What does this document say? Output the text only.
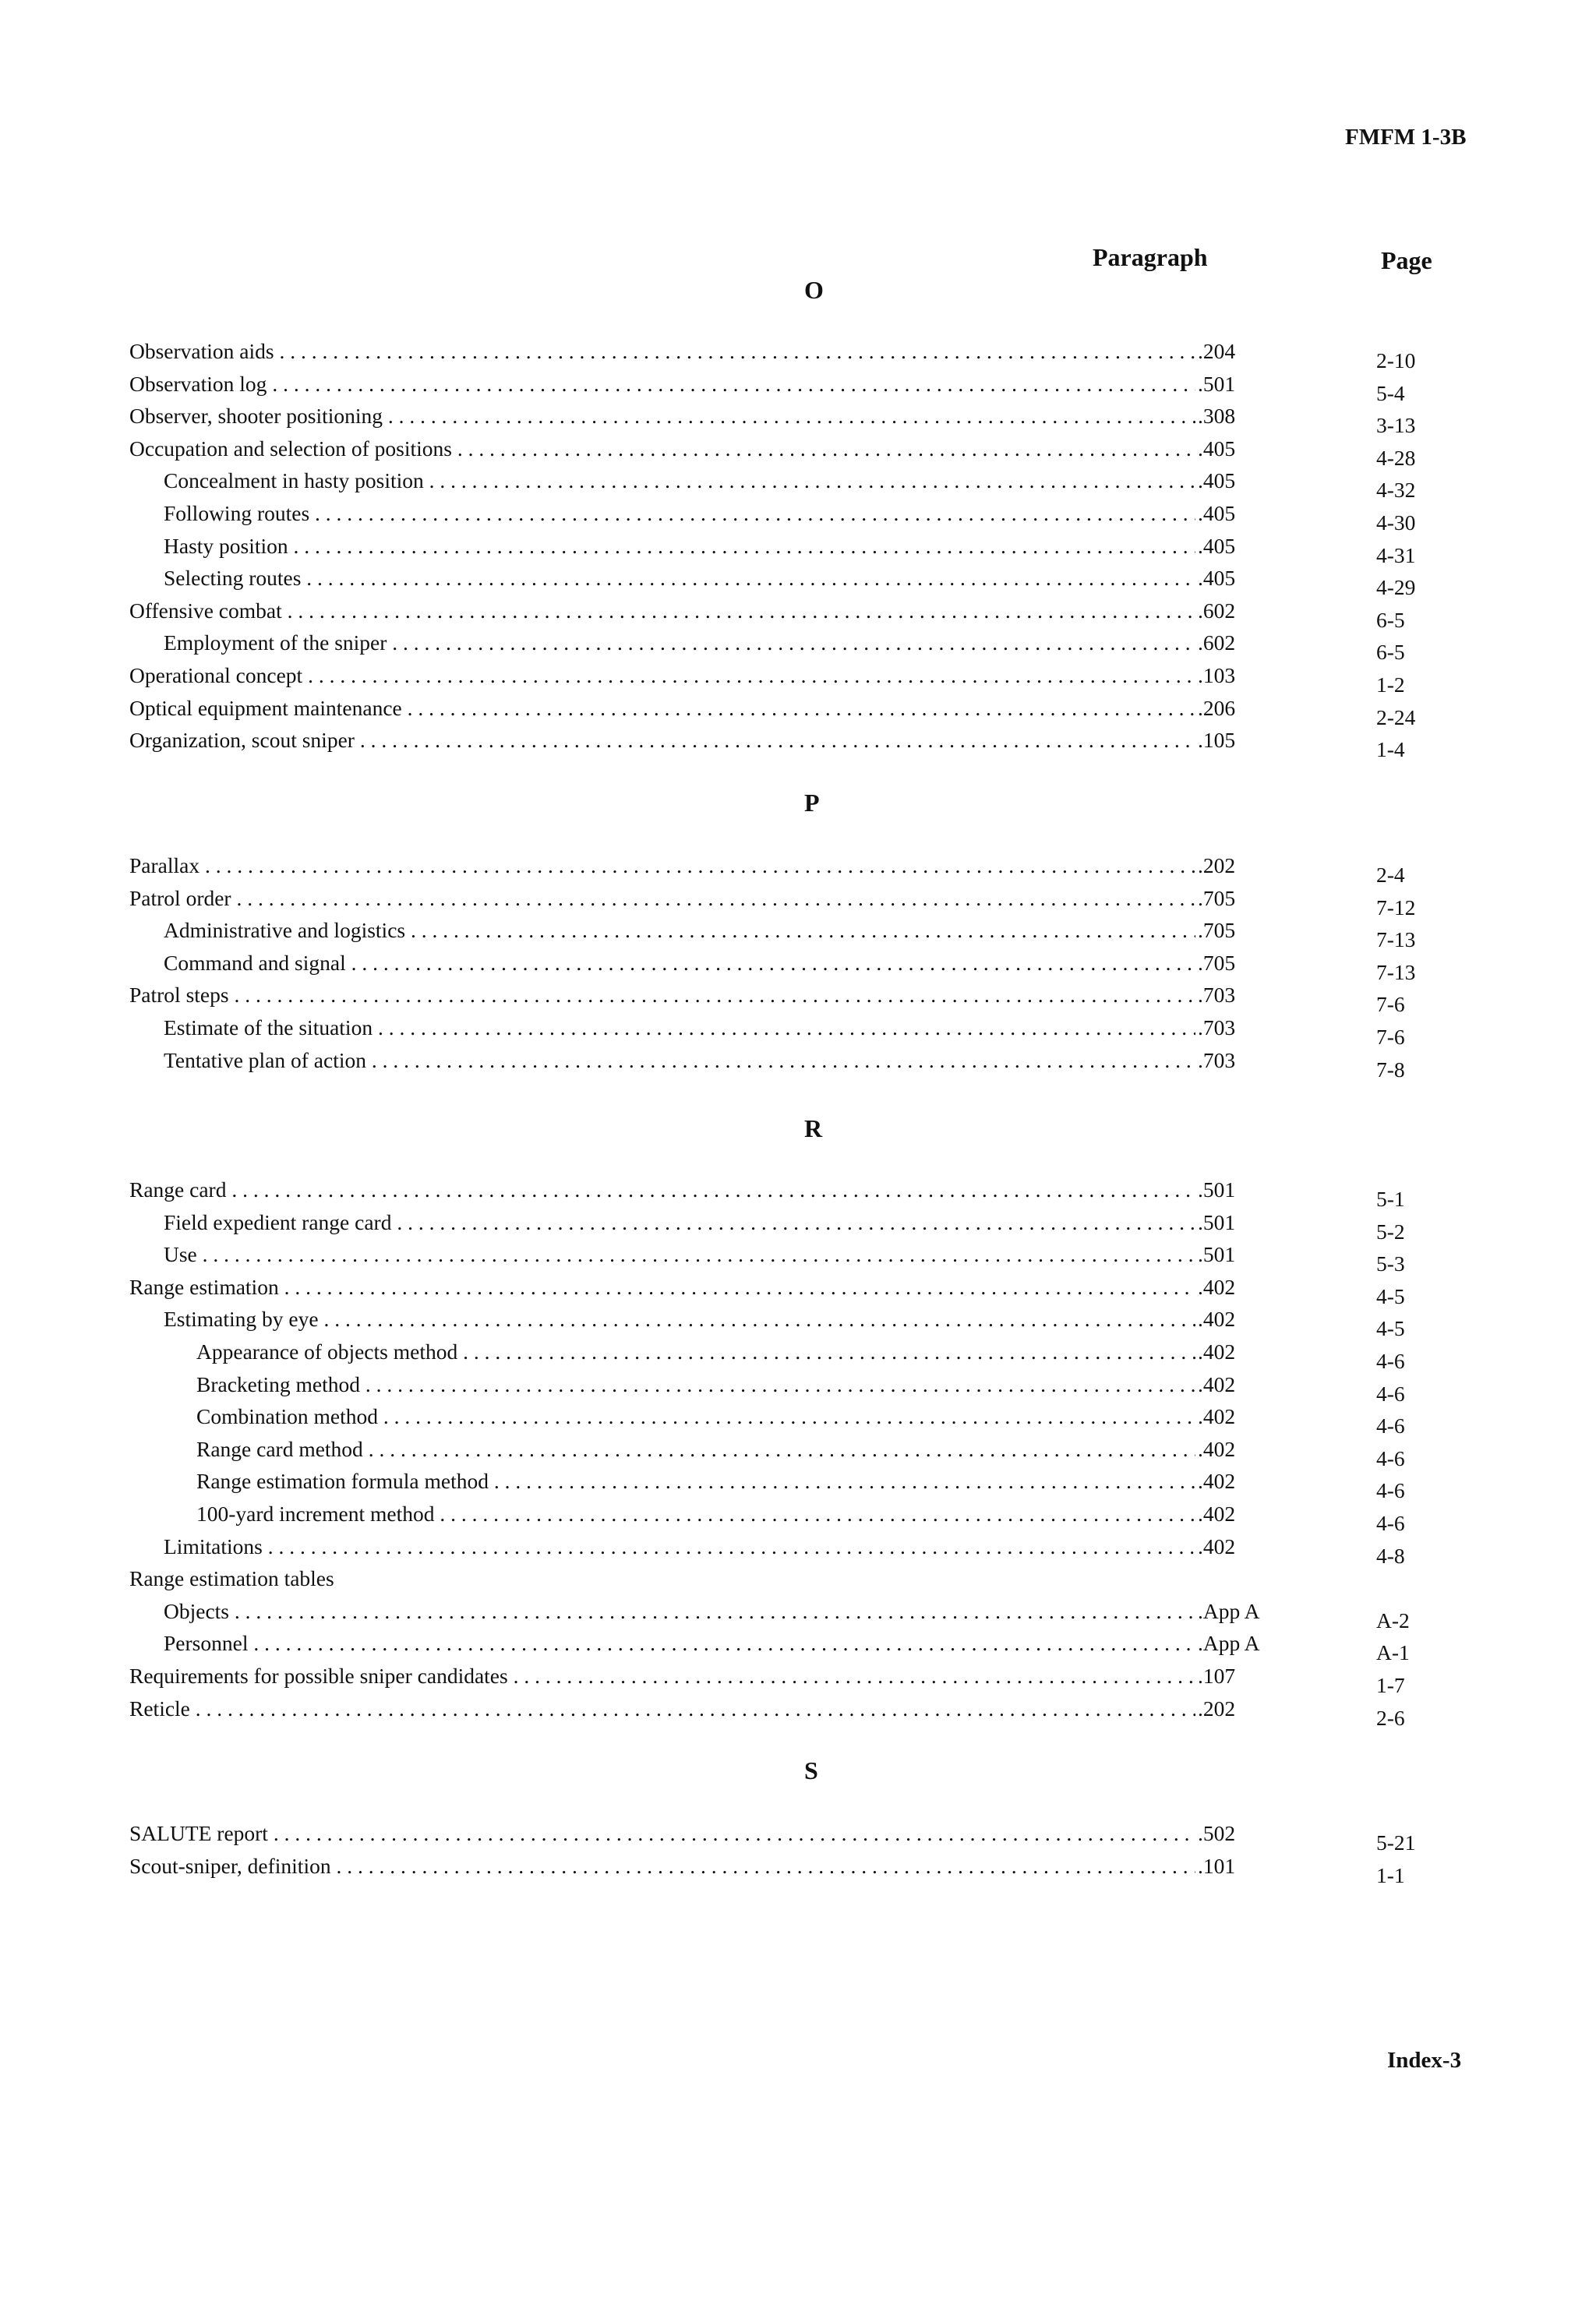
FMFM 1-3B
Paragraph	Page
O
Observation aids . . .	.204	2-10
Observation log . . .	.501	5-4
Observer, shooter positioning . . .	.308	3-13
Occupation and selection of positions . . .	.405	4-28
Concealment in hasty position . . .	.405	4-32
Following routes . . .	.405	4-30
Hasty position . . .	.405	4-31
Selecting routes . . .	.405	4-29
Offensive combat . . .	.602	6-5
Employment of the sniper . . .	.602	6-5
Operational concept . . .	.103	1-2
Optical equipment maintenance . . .	.206	2-24
Organization, scout sniper . . .	.105	1-4
P
Parallax . . .	.202	2-4
Patrol order . . .	.705	7-12
Administrative and logistics . . .	.705	7-13
Command and signal . . .	.705	7-13
Patrol steps . . .	.703	7-6
Estimate of the situation . . .	.703	7-6
Tentative plan of action . . .	.703	7-8
R
Range card . . .	.501	5-1
Field expedient range card . . .	.501	5-2
Use . . .	.501	5-3
Range estimation . . .	.402	4-5
Estimating by eye . . .	.402	4-5
Appearance of objects method . . .	.402	4-6
Bracketing method . . .	.402	4-6
Combination method . . .	.402	4-6
Range card method . . .	.402	4-6
Range estimation formula method . . .	.402	4-6
100-yard increment method . . .	.402	4-6
Limitations . . .	.402	4-8
Range estimation tables
Objects . . .	.App A	A-2
Personnel . . .	.App A	A-1
Requirements for possible sniper candidates . . .	.107	1-7
Reticle . . .	.202	2-6
S
SALUTE report . . .	.502	5-21
Scout-sniper, definition . . .	.101	1-1
Index-3
